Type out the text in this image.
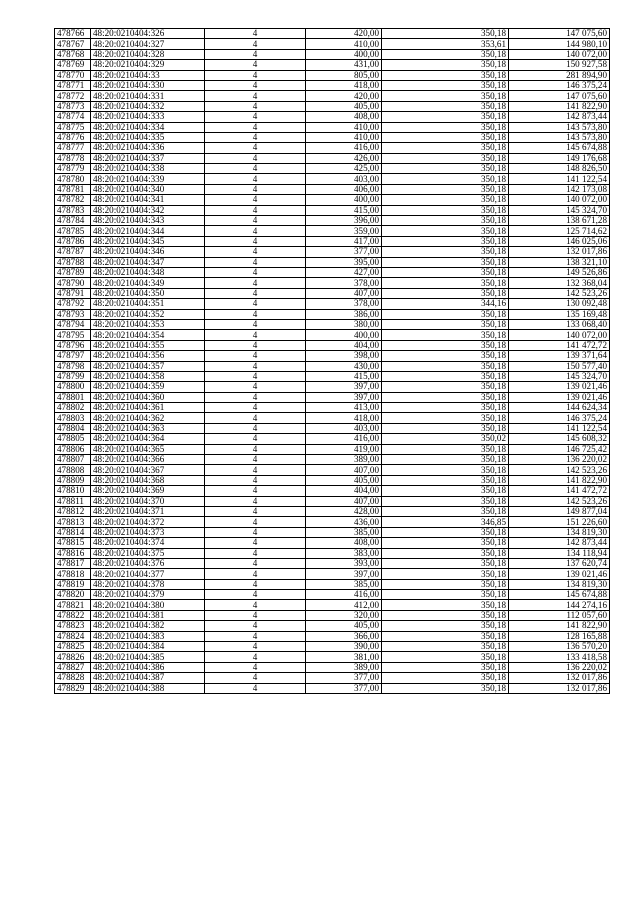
478766	48:20:0210404:326	4	420,00	350,18	147 075,60
478767	48:20:0210404:327	4	410,00	353,61	144 980,10
478768	48:20:0210404:328	4	400,00	350,18	140 072,00
478769	48:20:0210404:329	4	431,00	350,18	150 927,58
478770	48:20:0210404:33	4	805,00	350,18	281 894,90
478771	48:20:0210404:330	4	418,00	350,18	146 375,24
478772	48:20:0210404:331	4	420,00	350,18	147 075,60
478773	48:20:0210404:332	4	405,00	350,18	141 822,90
478774	48:20:0210404:333	4	408,00	350,18	142 873,44
478775	48:20:0210404:334	4	410,00	350,18	143 573,80
478776	48:20:0210404:335	4	410,00	350,18	143 573,80
478777	48:20:0210404:336	4	416,00	350,18	145 674,88
478778	48:20:0210404:337	4	426,00	350,18	149 176,68
478779	48:20:0210404:338	4	425,00	350,18	148 826,50
478780	48:20:0210404:339	4	403,00	350,18	141 122,54
478781	48:20:0210404:340	4	406,00	350,18	142 173,08
478782	48:20:0210404:341	4	400,00	350,18	140 072,00
478783	48:20:0210404:342	4	415,00	350,18	145 324,70
478784	48:20:0210404:343	4	396,00	350,18	138 671,28
478785	48:20:0210404:344	4	359,00	350,18	125 714,62
478786	48:20:0210404:345	4	417,00	350,18	146 025,06
478787	48:20:0210404:346	4	377,00	350,18	132 017,86
478788	48:20:0210404:347	4	395,00	350,18	138 321,10
478789	48:20:0210404:348	4	427,00	350,18	149 526,86
478790	48:20:0210404:349	4	378,00	350,18	132 368,04
478791	48:20:0210404:350	4	407,00	350,18	142 523,26
478792	48:20:0210404:351	4	378,00	344,16	130 092,48
478793	48:20:0210404:352	4	386,00	350,18	135 169,48
478794	48:20:0210404:353	4	380,00	350,18	133 068,40
478795	48:20:0210404:354	4	400,00	350,18	140 072,00
478796	48:20:0210404:355	4	404,00	350,18	141 472,72
478797	48:20:0210404:356	4	398,00	350,18	139 371,64
478798	48:20:0210404:357	4	430,00	350,18	150 577,40
478799	48:20:0210404:358	4	415,00	350,18	145 324,70
478800	48:20:0210404:359	4	397,00	350,18	139 021,46
478801	48:20:0210404:360	4	397,00	350,18	139 021,46
478802	48:20:0210404:361	4	413,00	350,18	144 624,34
478803	48:20:0210404:362	4	418,00	350,18	146 375,24
478804	48:20:0210404:363	4	403,00	350,18	141 122,54
478805	48:20:0210404:364	4	416,00	350,02	145 608,32
478806	48:20:0210404:365	4	419,00	350,18	146 725,42
478807	48:20:0210404:366	4	389,00	350,18	136 220,02
478808	48:20:0210404:367	4	407,00	350,18	142 523,26
478809	48:20:0210404:368	4	405,00	350,18	141 822,90
478810	48:20:0210404:369	4	404,00	350,18	141 472,72
478811	48:20:0210404:370	4	407,00	350,18	142 523,26
478812	48:20:0210404:371	4	428,00	350,18	149 877,04
478813	48:20:0210404:372	4	436,00	346,85	151 226,60
478814	48:20:0210404:373	4	385,00	350,18	134 819,30
478815	48:20:0210404:374	4	408,00	350,18	142 873,44
478816	48:20:0210404:375	4	383,00	350,18	134 118,94
478817	48:20:0210404:376	4	393,00	350,18	137 620,74
478818	48:20:0210404:377	4	397,00	350,18	139 021,46
478819	48:20:0210404:378	4	385,00	350,18	134 819,30
478820	48:20:0210404:379	4	416,00	350,18	145 674,88
478821	48:20:0210404:380	4	412,00	350,18	144 274,16
478822	48:20:0210404:381	4	320,00	350,18	112 057,60
478823	48:20:0210404:382	4	405,00	350,18	141 822,90
478824	48:20:0210404:383	4	366,00	350,18	128 165,88
478825	48:20:0210404:384	4	390,00	350,18	136 570,20
478826	48:20:0210404:385	4	381,00	350,18	133 418,58
478827	48:20:0210404:386	4	389,00	350,18	136 220,02
478828	48:20:0210404:387	4	377,00	350,18	132 017,86
478829	48:20:0210404:388	4	377,00	350,18	132 017,86
